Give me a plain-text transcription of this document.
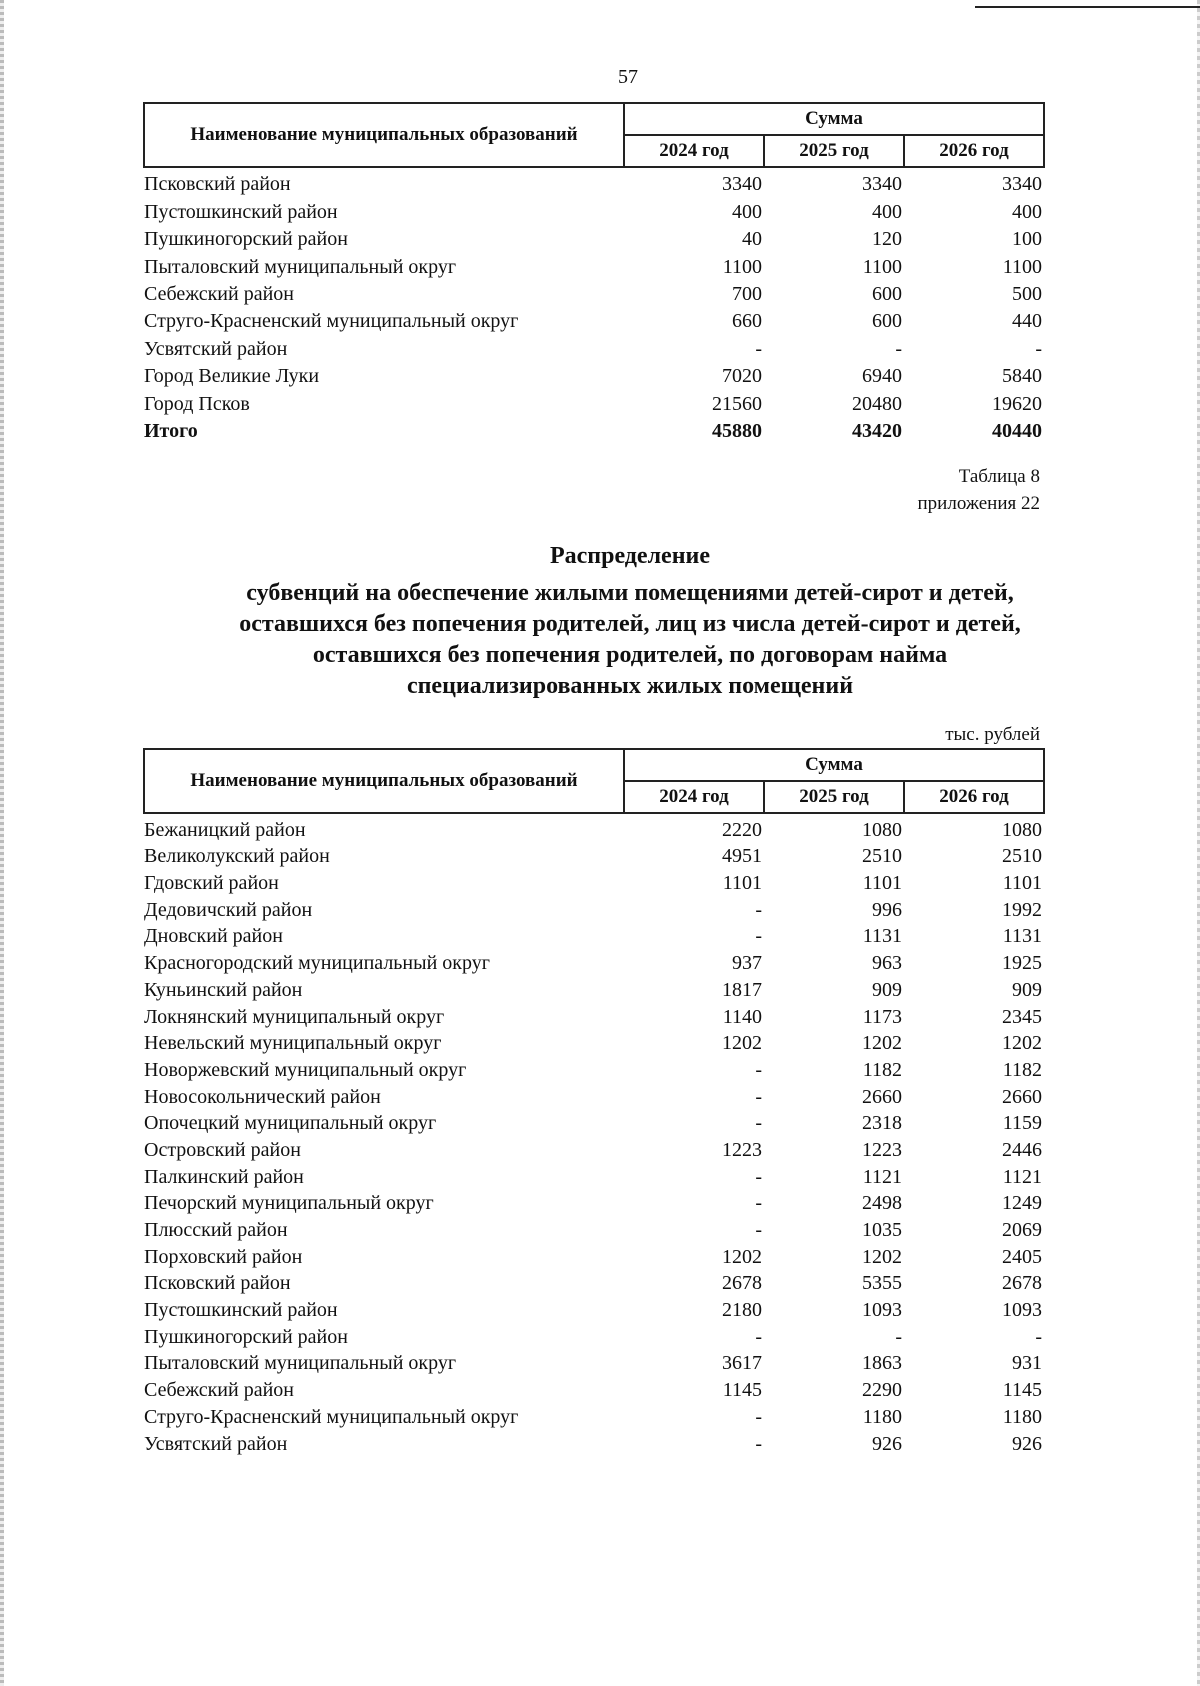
57
Наименование муниципальных образований	Сумма		
	2024 год	2025 год	2026 год
Псковский район	3340	3340	3340
Пустошкинский район	400	400	400
Пушкиногорский район	40	120	100
Пыталовский муниципальный округ	1100	1100	1100
Себежский район	700	600	500
Струго-Красненский муниципальный округ	660	600	440
Усвятский район	-	-	-
Город Великие Луки	7020	6940	5840
Город Псков	21560	20480	19620
Итого	45880	43420	40440
Таблица 8
приложения 22
Распределение
субвенций на обеспечение жилыми помещениями детей-сирот и детей,
оставшихся без попечения родителей, лиц из числа детей-сирот и детей,
оставшихся без попечения родителей, по договорам найма
специализированных жилых помещений
тыс. рублей
Наименование муниципальных образований	Сумма		
	2024 год	2025 год	2026 год
Бежаницкий район	2220	1080	1080
Великолукский район	4951	2510	2510
Гдовский район	1101	1101	1101
Дедовичский район	-	996	1992
Дновский район	-	1131	1131
Красногородский муниципальный округ	937	963	1925
Куньинский район	1817	909	909
Локнянский муниципальный округ	1140	1173	2345
Невельский муниципальный округ	1202	1202	1202
Новоржевский муниципальный округ	-	1182	1182
Новосокольнический район	-	2660	2660
Опочецкий муниципальный округ	-	2318	1159
Островский район	1223	1223	2446
Палкинский район	-	1121	1121
Печорский муниципальный округ	-	2498	1249
Плюсский район	-	1035	2069
Порховский район	1202	1202	2405
Псковский район	2678	5355	2678
Пустошкинский район	2180	1093	1093
Пушкиногорский район	-	-	-
Пыталовский муниципальный округ	3617	1863	931
Себежский район	1145	2290	1145
Струго-Красненский муниципальный округ	-	1180	1180
Усвятский район	-	926	926
